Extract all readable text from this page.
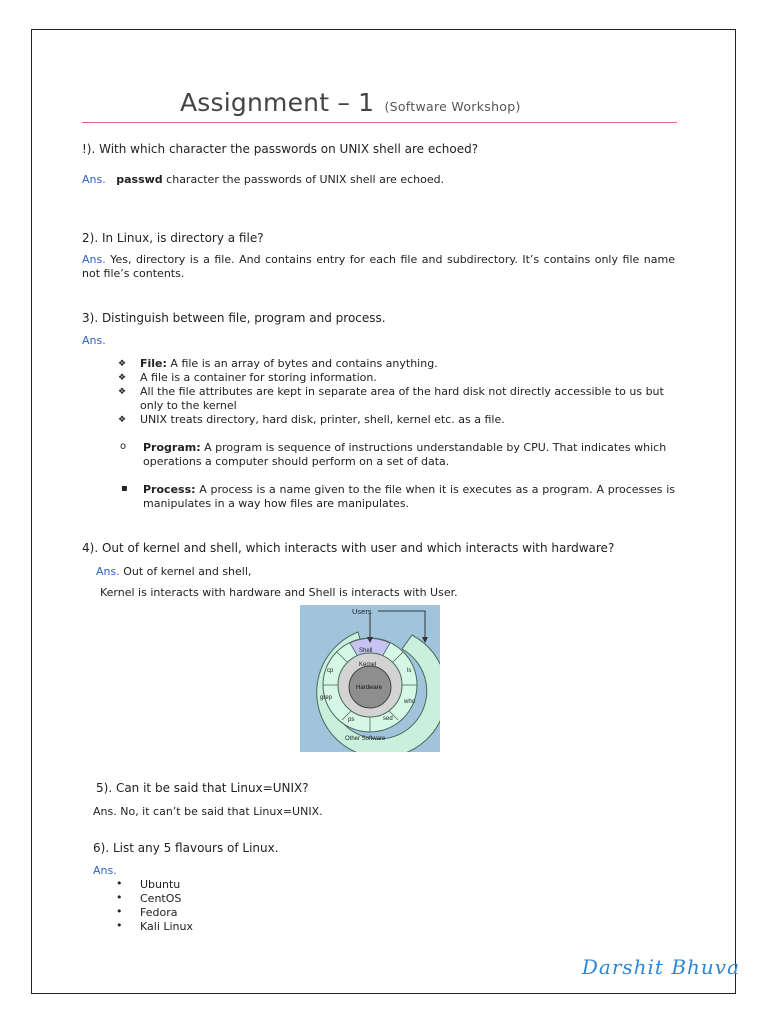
Assignment – 1 (Software Workshop)
!). With which character the passwords on UNIX shell are echoed?
Ans. passwd character the passwords of UNIX shell are echoed.
2). In Linux, is directory a file?
Ans. Yes, directory is a file. And contains entry for each file and subdirectory. It’s contains only file name not file’s contents.
3). Distinguish between file, program and process.
Ans.
❖ File: A file is an array of bytes and contains anything.
❖ A file is a container for storing information.
❖ All the file attributes are kept in separate area of the hard disk not directly accessible to us but only to the kernel
❖ UNIX treats directory, hard disk, printer, shell, kernel etc. as a file.
o Program: A program is sequence of instructions understandable by CPU. That indicates which operations a computer should perform on a set of data.
▪ Process: A process is a name given to the file when it is executes as a program. A processes is manipulates in a way how files are manipulates.
4). Out of kernel and shell, which interacts with user and which interacts with hardware?
Ans. Out of kernel and shell,
Kernel is interacts with hardware and Shell is interacts with User.
Users
Shell
Kernel
Hardware
cp	ls
grep
who
ps	sed
Other Software
5). Can it be said that Linux=UNIX?
Ans. No, it can’t be said that Linux=UNIX.
6). List any 5 flavours of Linux.
Ans.
• Ubuntu
• CentOS
• Fedora
• Kali Linux
Darshit Bhuva
